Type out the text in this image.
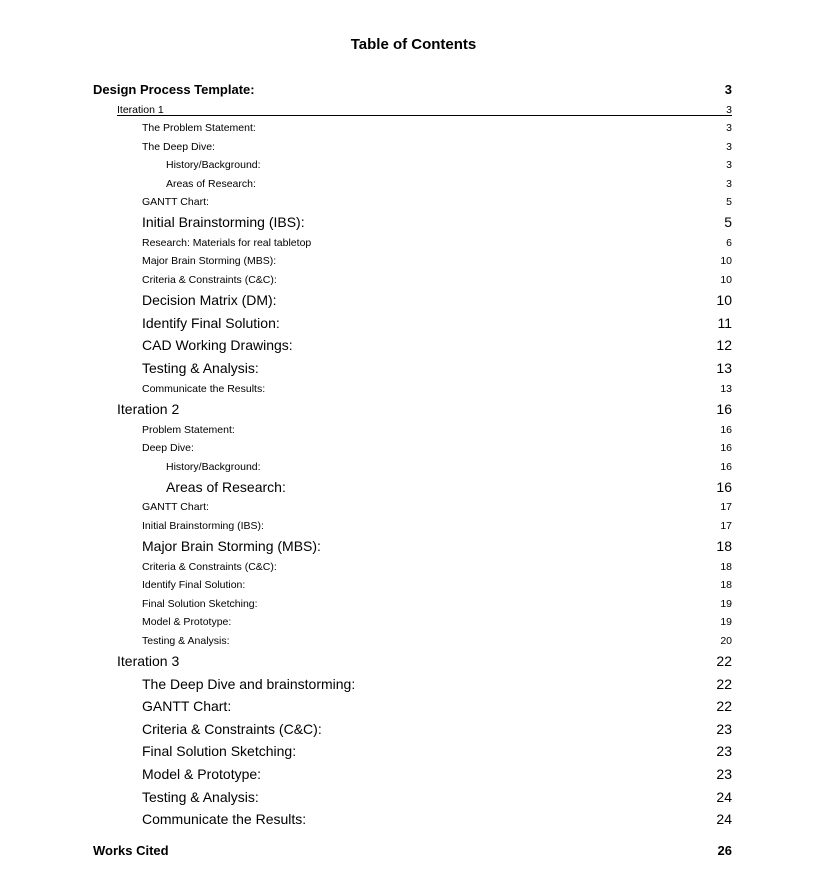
Table of Contents
Design Process Template:	3
Iteration 1	3
The Problem Statement:	3
The Deep Dive:	3
History/Background:	3
Areas of Research:	3
GANTT Chart:	5
Initial Brainstorming (IBS):	5
Research: Materials for real tabletop	6
Major Brain Storming (MBS):	10
Criteria & Constraints (C&C):	10
Decision Matrix (DM):	10
Identify Final Solution:	11
CAD Working Drawings:	12
Testing & Analysis:	13
Communicate the Results:	13
Iteration 2	16
Problem Statement:	16
Deep Dive:	16
History/Background:	16
Areas of Research:	16
GANTT Chart:	17
Initial Brainstorming (IBS):	17
Major Brain Storming (MBS):	18
Criteria & Constraints (C&C):	18
Identify Final Solution:	18
Final Solution Sketching:	19
Model & Prototype:	19
Testing & Analysis:	20
Iteration 3	22
The Deep Dive and brainstorming:	22
GANTT Chart:	22
Criteria & Constraints (C&C):	23
Final Solution Sketching:	23
Model & Prototype:	23
Testing & Analysis:	24
Communicate the Results:	24
Works Cited	26
